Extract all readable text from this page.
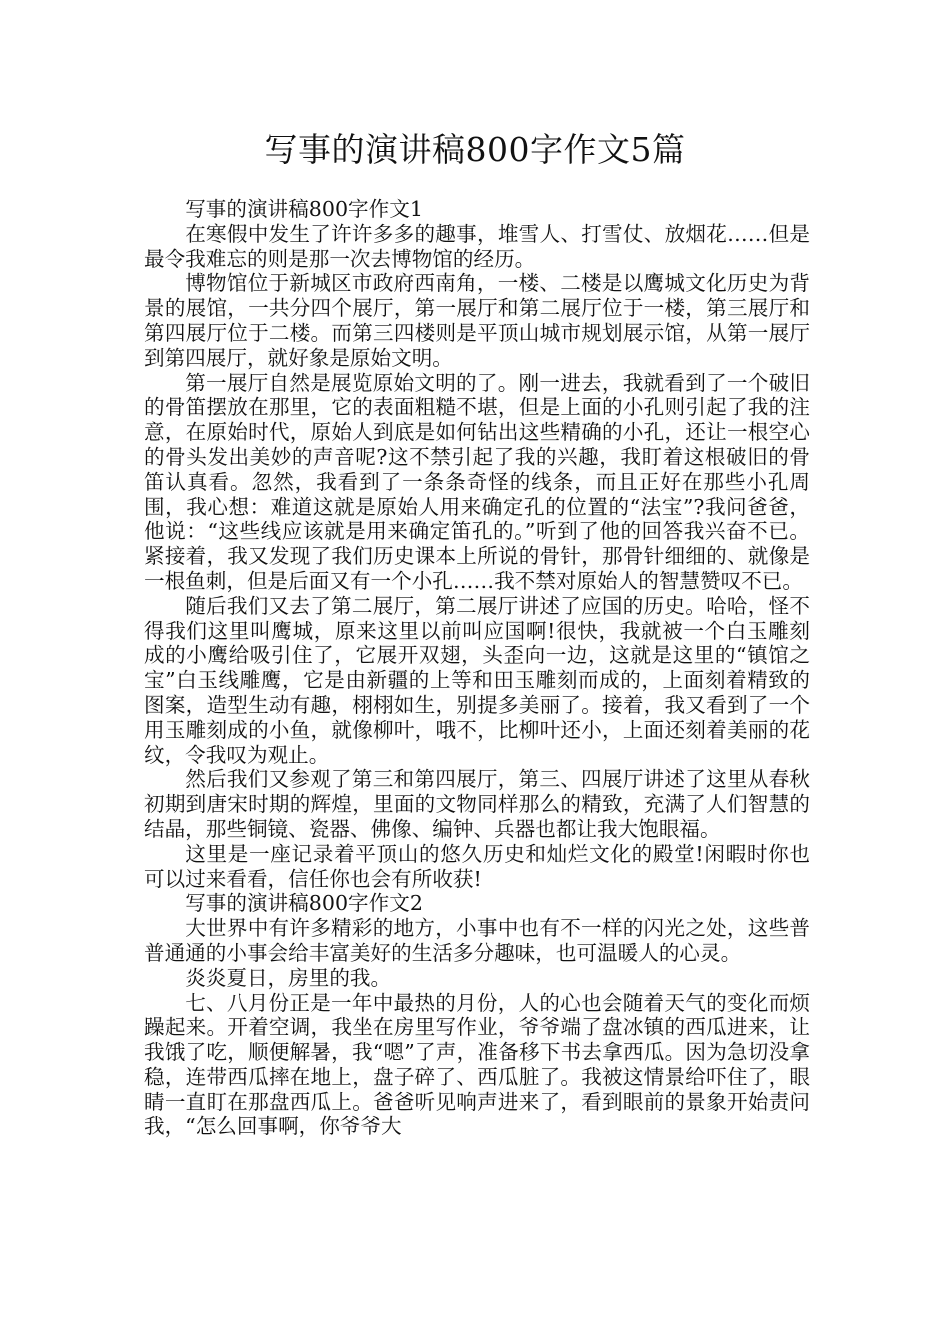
写事的演讲稿800字作文5篇

写事的演讲稿800字作文1

在寒假中发生了许许多多的趣事，堆雪人、打雪仗、放烟花……但是最令我难忘的则是那一次去博物馆的经历。

博物馆位于新城区市政府西南角，一楼、二楼是以鹰城文化历史为背景的展馆，一共分四个展厅，第一展厅和第二展厅位于一楼，第三展厅和第四展厅位于二楼。而第三四楼则是平顶山城市规划展示馆，从第一展厅到第四展厅，就好象是原始文明。

第一展厅自然是展览原始文明的了。刚一进去，我就看到了一个破旧的骨笛摆放在那里，它的表面粗糙不堪，但是上面的小孔则引起了我的注意，在原始时代，原始人到底是如何钻出这些精确的小孔，还让一根空心的骨头发出美妙的声音呢?这不禁引起了我的兴趣，我盯着这根破旧的骨笛认真看。忽然，我看到了一条条奇怪的线条，而且正好在那些小孔周围，我心想：难道这就是原始人用来确定孔的位置的“法宝”?我问爸爸，他说：“这些线应该就是用来确定笛孔的。”听到了他的回答我兴奋不已。紧接着，我又发现了我们历史课本上所说的骨针，那骨针细细的、就像是一根鱼刺，但是后面又有一个小孔……我不禁对原始人的智慧赞叹不已。

随后我们又去了第二展厅，第二展厅讲述了应国的历史。哈哈，怪不得我们这里叫鹰城，原来这里以前叫应国啊!很快，我就被一个白玉雕刻成的小鹰给吸引住了，它展开双翅，头歪向一边，这就是这里的“镇馆之宝”白玉线雕鹰，它是由新疆的上等和田玉雕刻而成的，上面刻着精致的图案，造型生动有趣，栩栩如生，别提多美丽了。接着，我又看到了一个用玉雕刻成的小鱼，就像柳叶，哦不，比柳叶还小，上面还刻着美丽的花纹，令我叹为观止。

然后我们又参观了第三和第四展厅，第三、四展厅讲述了这里从春秋初期到唐宋时期的辉煌，里面的文物同样那么的精致，充满了人们智慧的结晶，那些铜镜、瓷器、佛像、编钟、兵器也都让我大饱眼福。

这里是一座记录着平顶山的悠久历史和灿烂文化的殿堂!闲暇时你也可以过来看看，信任你也会有所收获!

写事的演讲稿800字作文2

大世界中有许多精彩的地方，小事中也有不一样的闪光之处，这些普普通通的小事会给丰富美好的生活多分趣味，也可温暖人的心灵。

炎炎夏日，房里的我。

七、八月份正是一年中最热的月份，人的心也会随着天气的变化而烦躁起来。开着空调，我坐在房里写作业，爷爷端了盘冰镇的西瓜进来，让我饿了吃，顺便解暑，我“嗯”了声，准备移下书去拿西瓜。因为急切没拿稳，连带西瓜摔在地上，盘子碎了、西瓜脏了。我被这情景给吓住了，眼睛一直盯在那盘西瓜上。爸爸听见响声进来了，看到眼前的景象开始责问我，“怎么回事啊，你爷爷大
